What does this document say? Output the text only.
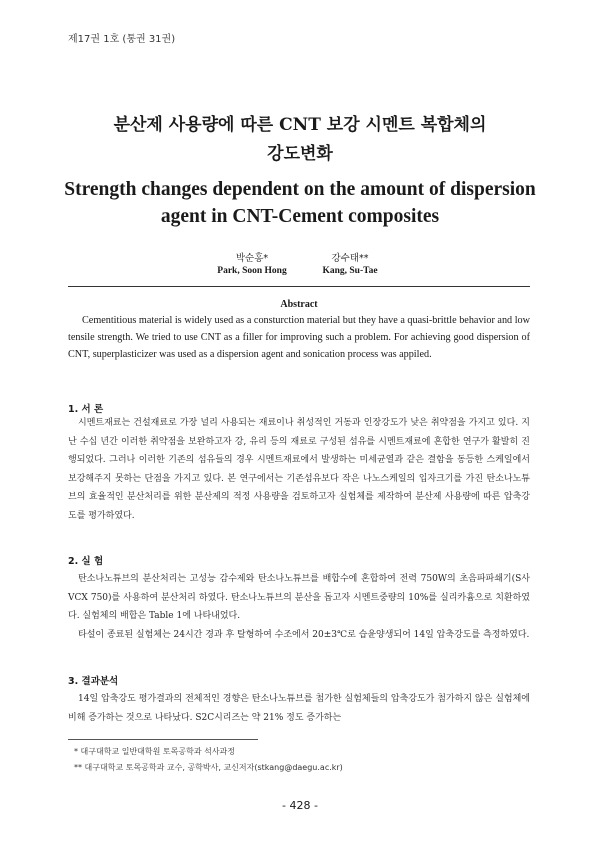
제17권 1호 (통권 31권)
분산제 사용량에 따른 CNT 보강 시멘트 복합체의
강도변화
Strength changes dependent on the amount of dispersion
agent in CNT-Cement composites
박순홍*
Park, Soon Hong
강수태**
Kang, Su-Tae
Abstract
Cementitious material is widely used as a consturction material but they have a quasi-brittle behavior and low tensile strength. We tried to use CNT as a filler for improving such a problem. For achieving good dispersion of CNT, superplasticizer was used as a dispersion agent and sonication process was appiled.
1. 서 론
시멘트재료는 건설재료로 가장 널리 사용되는 재료이나 취성적인 거동과 인장강도가 낮은 취약점을 가지고 있다. 지난 수십 년간 이러한 취약점을 보완하고자 강, 유리 등의 재료로 구성된 섬유를 시멘트재료에 혼합한 연구가 활발히 진행되었다. 그러나 이러한 기존의 섬유들의 경우 시멘트재료에서 발생하는 미세균열과 같은 결함을 동등한 스케일에서 보강해주지 못하는 단점을 가지고 있다. 본 연구에서는 기존섬유보다 작은 나노스케일의 입자크기를 가진 탄소나노튜브의 효율적인 분산처리를 위한 분산제의 적정 사용량을 검토하고자 실험체를 제작하여 분산제 사용량에 따른 압축강도를 평가하였다.
2. 실 험
탄소나노튜브의 분산처리는 고성능 감수제와 탄소나노튜브를 배합수에 혼합하여 전력 750W의 초음파파쇄기(S사 VCX 750)를 사용하여 분산처리 하였다. 탄소나노튜브의 분산을 돕고자 시멘트중량의 10%를 실리카흄으로 치환하였다. 실험체의 배합은 Table 1에 나타내었다.
타설이 종료된 실험체는 24시간 경과 후 탈형하여 수조에서 20±3℃로 습윤양생되어 14일 압축강도를 측정하였다.
3. 결과분석
14일 압축강도 평가결과의 전체적인 경향은 탄소나노튜브를 첨가한 실험체들의 압축강도가 첨가하지 않은 실험체에 비해 증가하는 것으로 나타났다. S2C시리즈는 약 21% 정도 증가하는
* 대구대학교 일반대학원 토목공학과 석사과정
** 대구대학교 토목공학과 교수, 공학박사, 교신저자(stkang@daegu.ac.kr)
- 428 -
